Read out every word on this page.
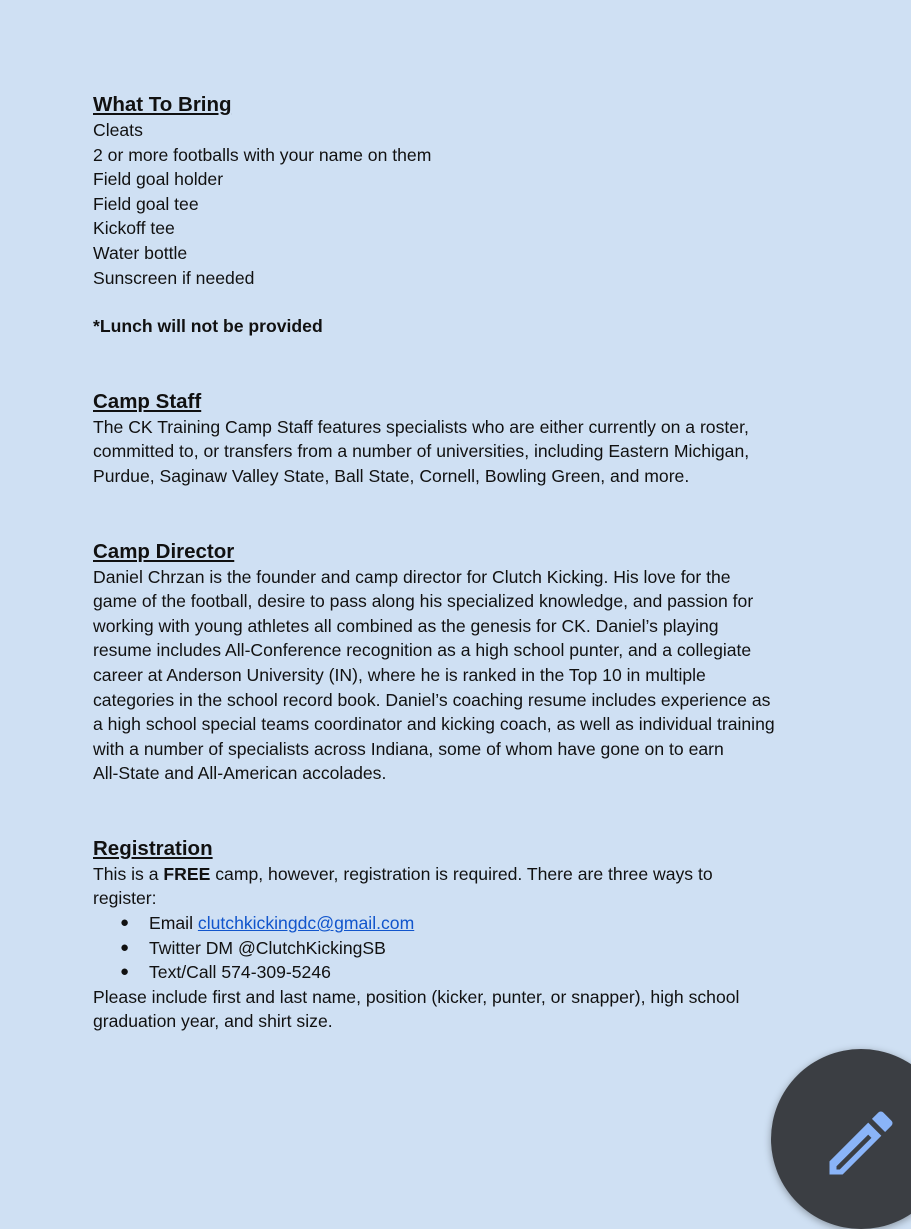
What To Bring
Cleats
2 or more footballs with your name on them
Field goal holder
Field goal tee
Kickoff tee
Water bottle
Sunscreen if needed
*Lunch will not be provided
Camp Staff
The CK Training Camp Staff features specialists who are either currently on a roster,
committed to, or transfers from a number of universities, including Eastern Michigan,
Purdue, Saginaw Valley State, Ball State, Cornell, Bowling Green, and more.
Camp Director
Daniel Chrzan is the founder and camp director for Clutch Kicking. His love for the
game of the football, desire to pass along his specialized knowledge, and passion for
working with young athletes all combined as the genesis for CK. Daniel’s playing
resume includes All-Conference recognition as a high school punter, and a collegiate
career at Anderson University (IN), where he is ranked in the Top 10 in multiple
categories in the school record book. Daniel’s coaching resume includes experience as
a high school special teams coordinator and kicking coach, as well as individual training
with a number of specialists across Indiana, some of whom have gone on to earn
All-State and All-American accolades.
Registration
This is a FREE camp, however, registration is required. There are three ways to
register:
● Email clutchkickingdc@gmail.com
● Twitter DM @ClutchKickingSB
● Text/Call 574-309-5246
Please include first and last name, position (kicker, punter, or snapper), high school
graduation year, and shirt size.
